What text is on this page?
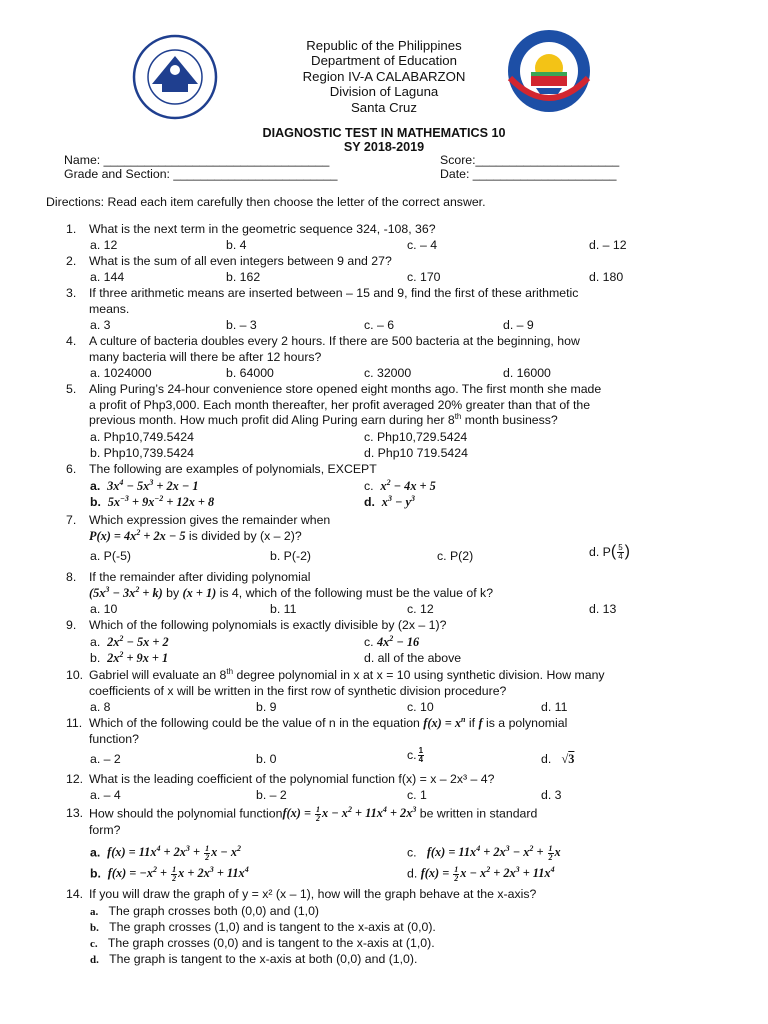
Republic of the Philippines
Department of Education
Region IV-A CALABARZON
Division of Laguna
Santa Cruz
DIAGNOSTIC TEST IN MATHEMATICS 10
SY 2018-2019
Name: _________________________________	Score:_____________________
Grade and Section: ________________________	Date: _____________________
Directions: Read each item carefully then choose the letter of the correct answer.
1.	What is the next term in the geometric sequence 324, -108, 36?
a. 12	b. 4	c. – 4	d. – 12
2.	What is the sum of all even integers between 9 and 27?
a. 144	b. 162	c. 170	d. 180
3.	If three arithmetic means are inserted between – 15 and 9, find the first of these arithmetic
means.
a. 3	b. – 3	c. – 6	d. – 9
4.	A culture of bacteria doubles every 2 hours. If there are 500 bacteria at the beginning, how
many bacteria will there be after 12 hours?
a. 1024000	b. 64000	c. 32000	d. 16000
5.	Aling Puring’s 24-hour convenience store opened eight months ago. The first month she made
a profit of Php3,000. Each month thereafter, her profit averaged 20% greater than that of the
previous month. How much profit did Aling Puring earn during her 8th month business?
a. Php10,749.5424	c. Php10,729.5424
b. Php10,739.5424	d. Php10 719.5424
6.	The following are examples of polynomials, EXCEPT
a. $3x^4 - 5x^3 + 2x - 1$	c. $x^2 - 4x + 5$
b. $5x^{-3} + 9x^{-2} + 12x + 8$	d. $x^3 - y^3$
7.	Which expression gives the remainder when
$P(x) = 4x^2 + 2x - 5$ is divided by (x – 2)?
a. P(-5)	b. P(-2)	c. P(2)	d. $P( \frac{5}{4}$ )
8.	If the remainder after dividing polynomial
$(5x^3 - 3x^2 + k)$ by (x + 1) is 4, which of the following must be the value of k?
a. 10	b. 11	c. 12	d. 13
9.	Which of the following polynomials is exactly divisible by (2x – 1)?
a. $2x^2 - 5x + 2$	c. $4x^2 - 16$
b. $2x^2 + 9x + 1$	d. all of the above
10. Gabriel will evaluate an 8th degree polynomial in x at x = 10 using synthetic division. How many
coefficients of x will be written in the first row of synthetic division procedure?
a. 8	b. 9	c. 10	d. 11
11. Which of the following could be the value of n in the equation $f(x) = x^n$ if f is a polynomial
function?
a. – 2	b. 0	c. $\frac{1}{4}$	d. √3
12. What is the leading coefficient of the polynomial function f(x) = x – 2x³ – 4?
a. – 4	b. – 2	c. 1	d. 3
13. How should the polynomial functionf(x) = $\frac{1}{2}$ $x - x^2 + 11x^4 + 2x^3$ be written in standard
form?
a. $f(x) = 11x^4 + 2x^3 + \frac{1}{2}$ $x - x^2$	c. $f(x) = 11x^4 + 2x^3 - x^2 + \frac{1}{2}$ x
b. $f(x) = -x^2 + \frac{1}{2}$ $x + 2x^3 + 11x^4$	d. $f(x) = \frac{1}{2}$ $x - x^2 + 2x^3 + 11x^4$
14. If you will draw the graph of y = x² (x – 1), how will the graph behave at the x-axis?
a. The graph crosses both (0,0) and (1,0)
b. The graph crosses (1,0) and is tangent to the x-axis at (0,0).
c. The graph crosses (0,0) and is tangent to the x-axis at (1,0).
d. The graph is tangent to the x-axis at both (0,0) and (1,0).
